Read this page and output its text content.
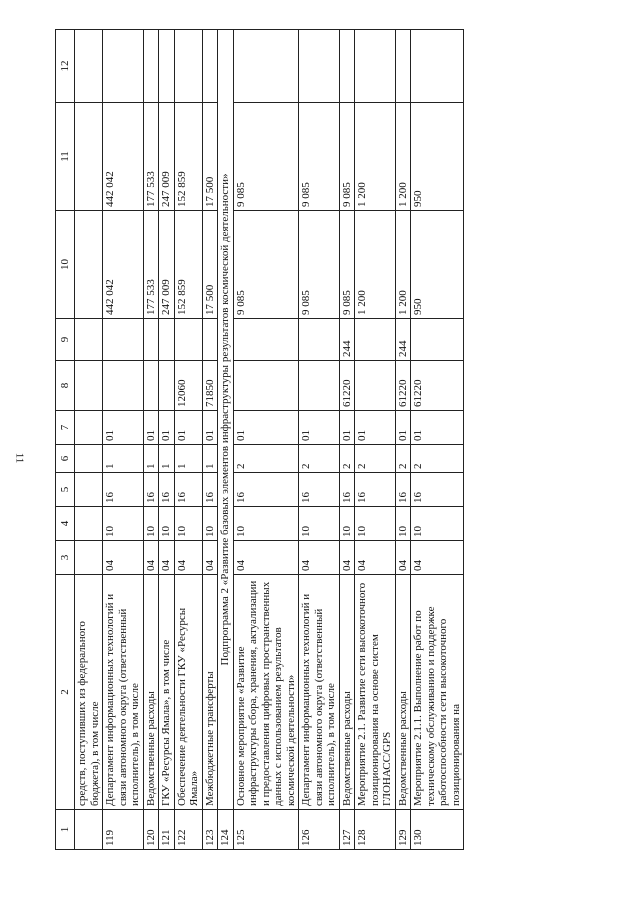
11
1	2	3	4	5	6	7	8	9	10	11	12
	средств, поступивших из федерального бюджета), в том числе										
119	Департамент информационных технологий и связи автономного округа (ответственный исполнитель), в том числе	04	10	16	1	01			442 042	442 042	
120	Ведомственные расходы	04	10	16	1	01			177 533	177 533	
121	ГКУ «Ресурсы Ямала», в том числе	04	10	16	1	01			247 009	247 009	
122	Обеспечение деятельности ГКУ «Ресурсы Ямала»	04	10	16	1	01	12060		152 859	152 859	
123	Межбюджетные трансферты	04	10	16	1	01	71850		17 500	17 500	
124	Подпрограмма 2 «Развитие базовых элементов инфраструктуры результатов космической деятельности»										
125	Основное мероприятие «Развитие инфраструктуры сбора, хранения, актуализации и предоставления цифровых пространственных данных с использованием результатов космической деятельности»	04	10	16	2	01			9 085	9 085	
126	Департамент информационных технологий и связи автономного округа (ответственный исполнитель), в том числе	04	10	16	2	01			9 085	9 085	
127	Ведомственные расходы	04	10	16	2	01	61220	244	9 085	9 085	
128	Мероприятие 2.1. Развитие сети высокоточного позиционирования на основе систем ГЛОНАСС/GPS	04	10	16	2	01			1 200	1 200	
129	Ведомственные расходы	04	10	16	2	01	61220	244	1 200	1 200	
130	Мероприятие 2.1.1. Выполнение работ по техническому обслуживанию и поддержке работоспособности сети высокоточного позиционирования на	04	10	16	2	01	61220		950	950	
